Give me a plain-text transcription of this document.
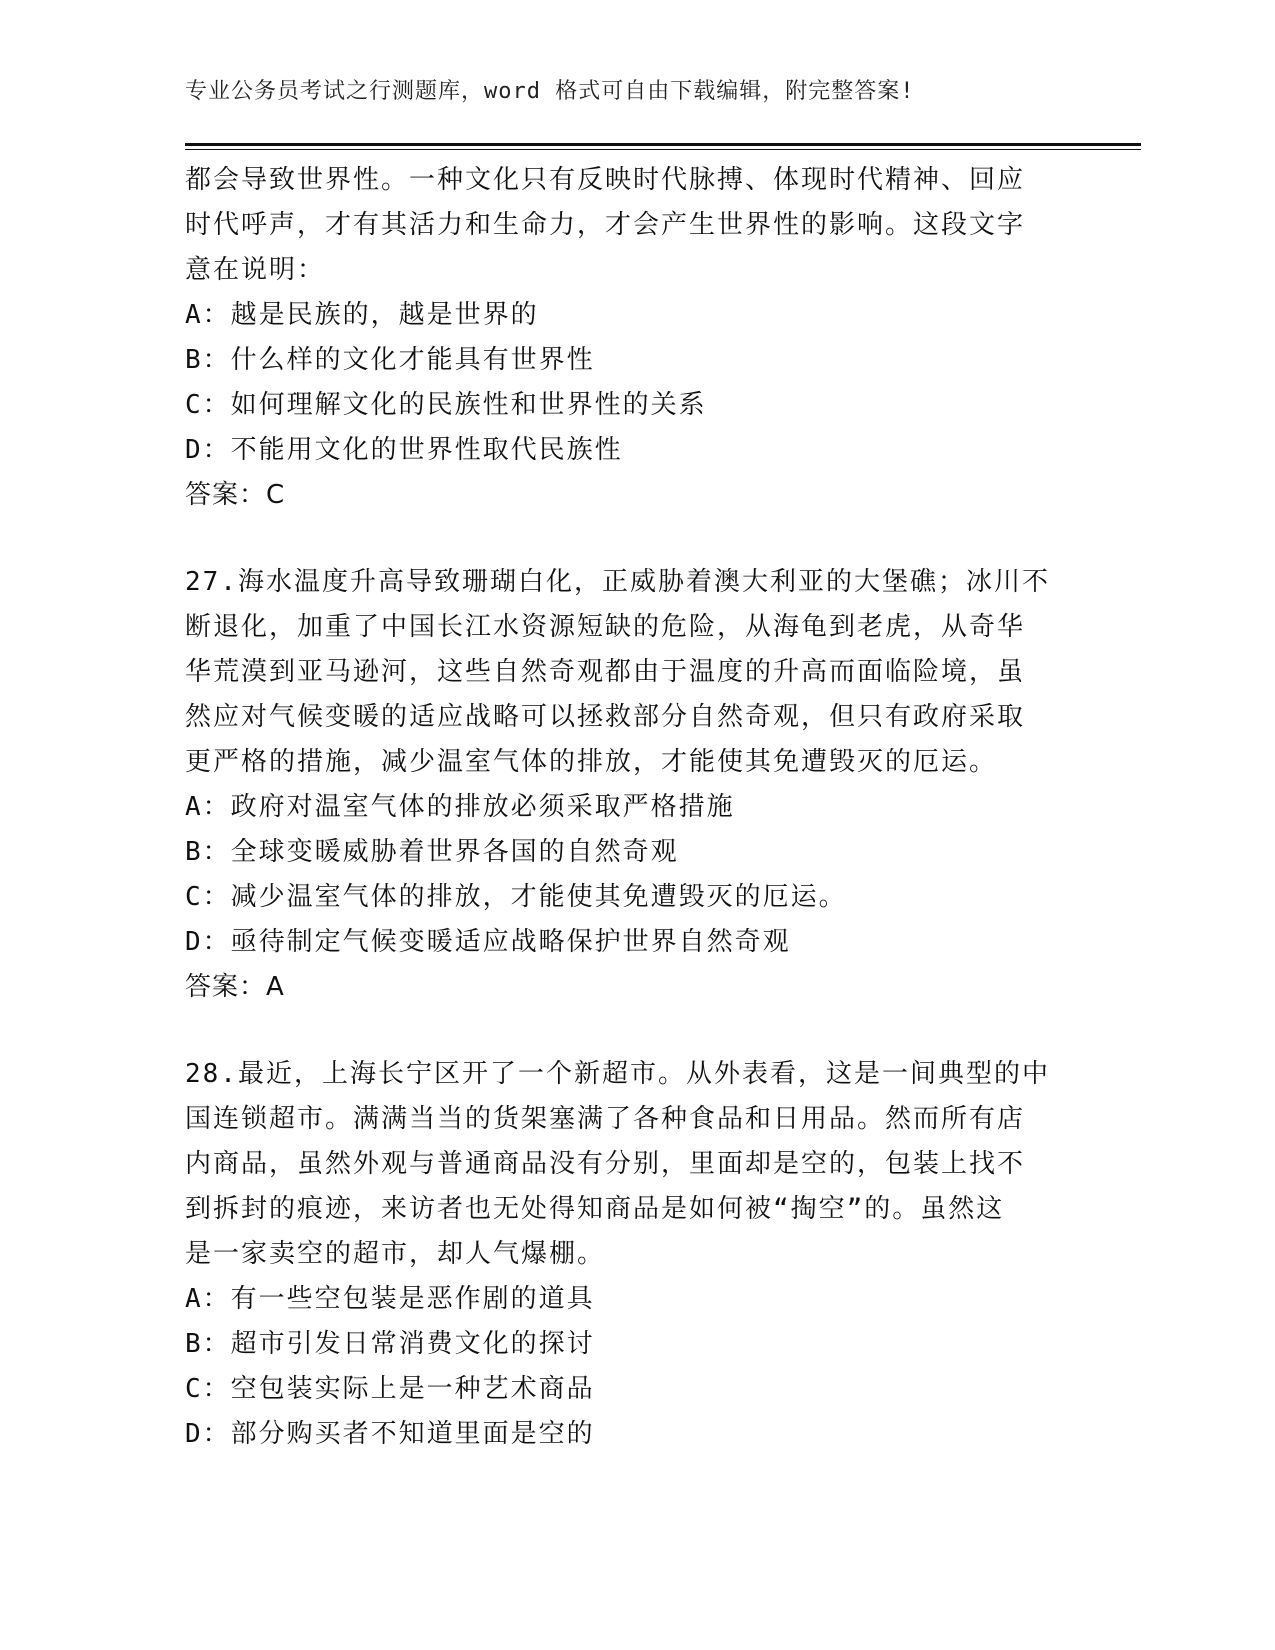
专业公务员考试之行测题库，word 格式可自由下载编辑，附完整答案!

都会导致世界性。一种文化只有反映时代脉搏、体现时代精神、回应

时代呼声，才有其活力和生命力，才会产生世界性的影响。这段文字

意在说明：

A：越是民族的，越是世界的

B：什么样的文化才能具有世界性

C：如何理解文化的民族性和世界性的关系

D：不能用文化的世界性取代民族性

答案：C

27.海水温度升高导致珊瑚白化，正威胁着澳大利亚的大堡礁；冰川不

断退化，加重了中国长江水资源短缺的危险，从海龟到老虎，从奇华

华荒漠到亚马逊河，这些自然奇观都由于温度的升高而面临险境，虽

然应对气候变暖的适应战略可以拯救部分自然奇观，但只有政府采取

更严格的措施，减少温室气体的排放，才能使其免遭毁灭的厄运。

A：政府对温室气体的排放必须采取严格措施

B：全球变暖威胁着世界各国的自然奇观

C：减少温室气体的排放，才能使其免遭毁灭的厄运。

D：亟待制定气候变暖适应战略保护世界自然奇观

答案：A

28.最近，上海长宁区开了一个新超市。从外表看，这是一间典型的中

国连锁超市。满满当当的货架塞满了各种食品和日用品。然而所有店

内商品，虽然外观与普通商品没有分别，里面却是空的，包装上找不

到拆封的痕迹，来访者也无处得知商品是如何被“掏空”的。虽然这

是一家卖空的超市，却人气爆棚。

A：有一些空包装是恶作剧的道具

B：超市引发日常消费文化的探讨

C：空包装实际上是一种艺术商品

D：部分购买者不知道里面是空的
